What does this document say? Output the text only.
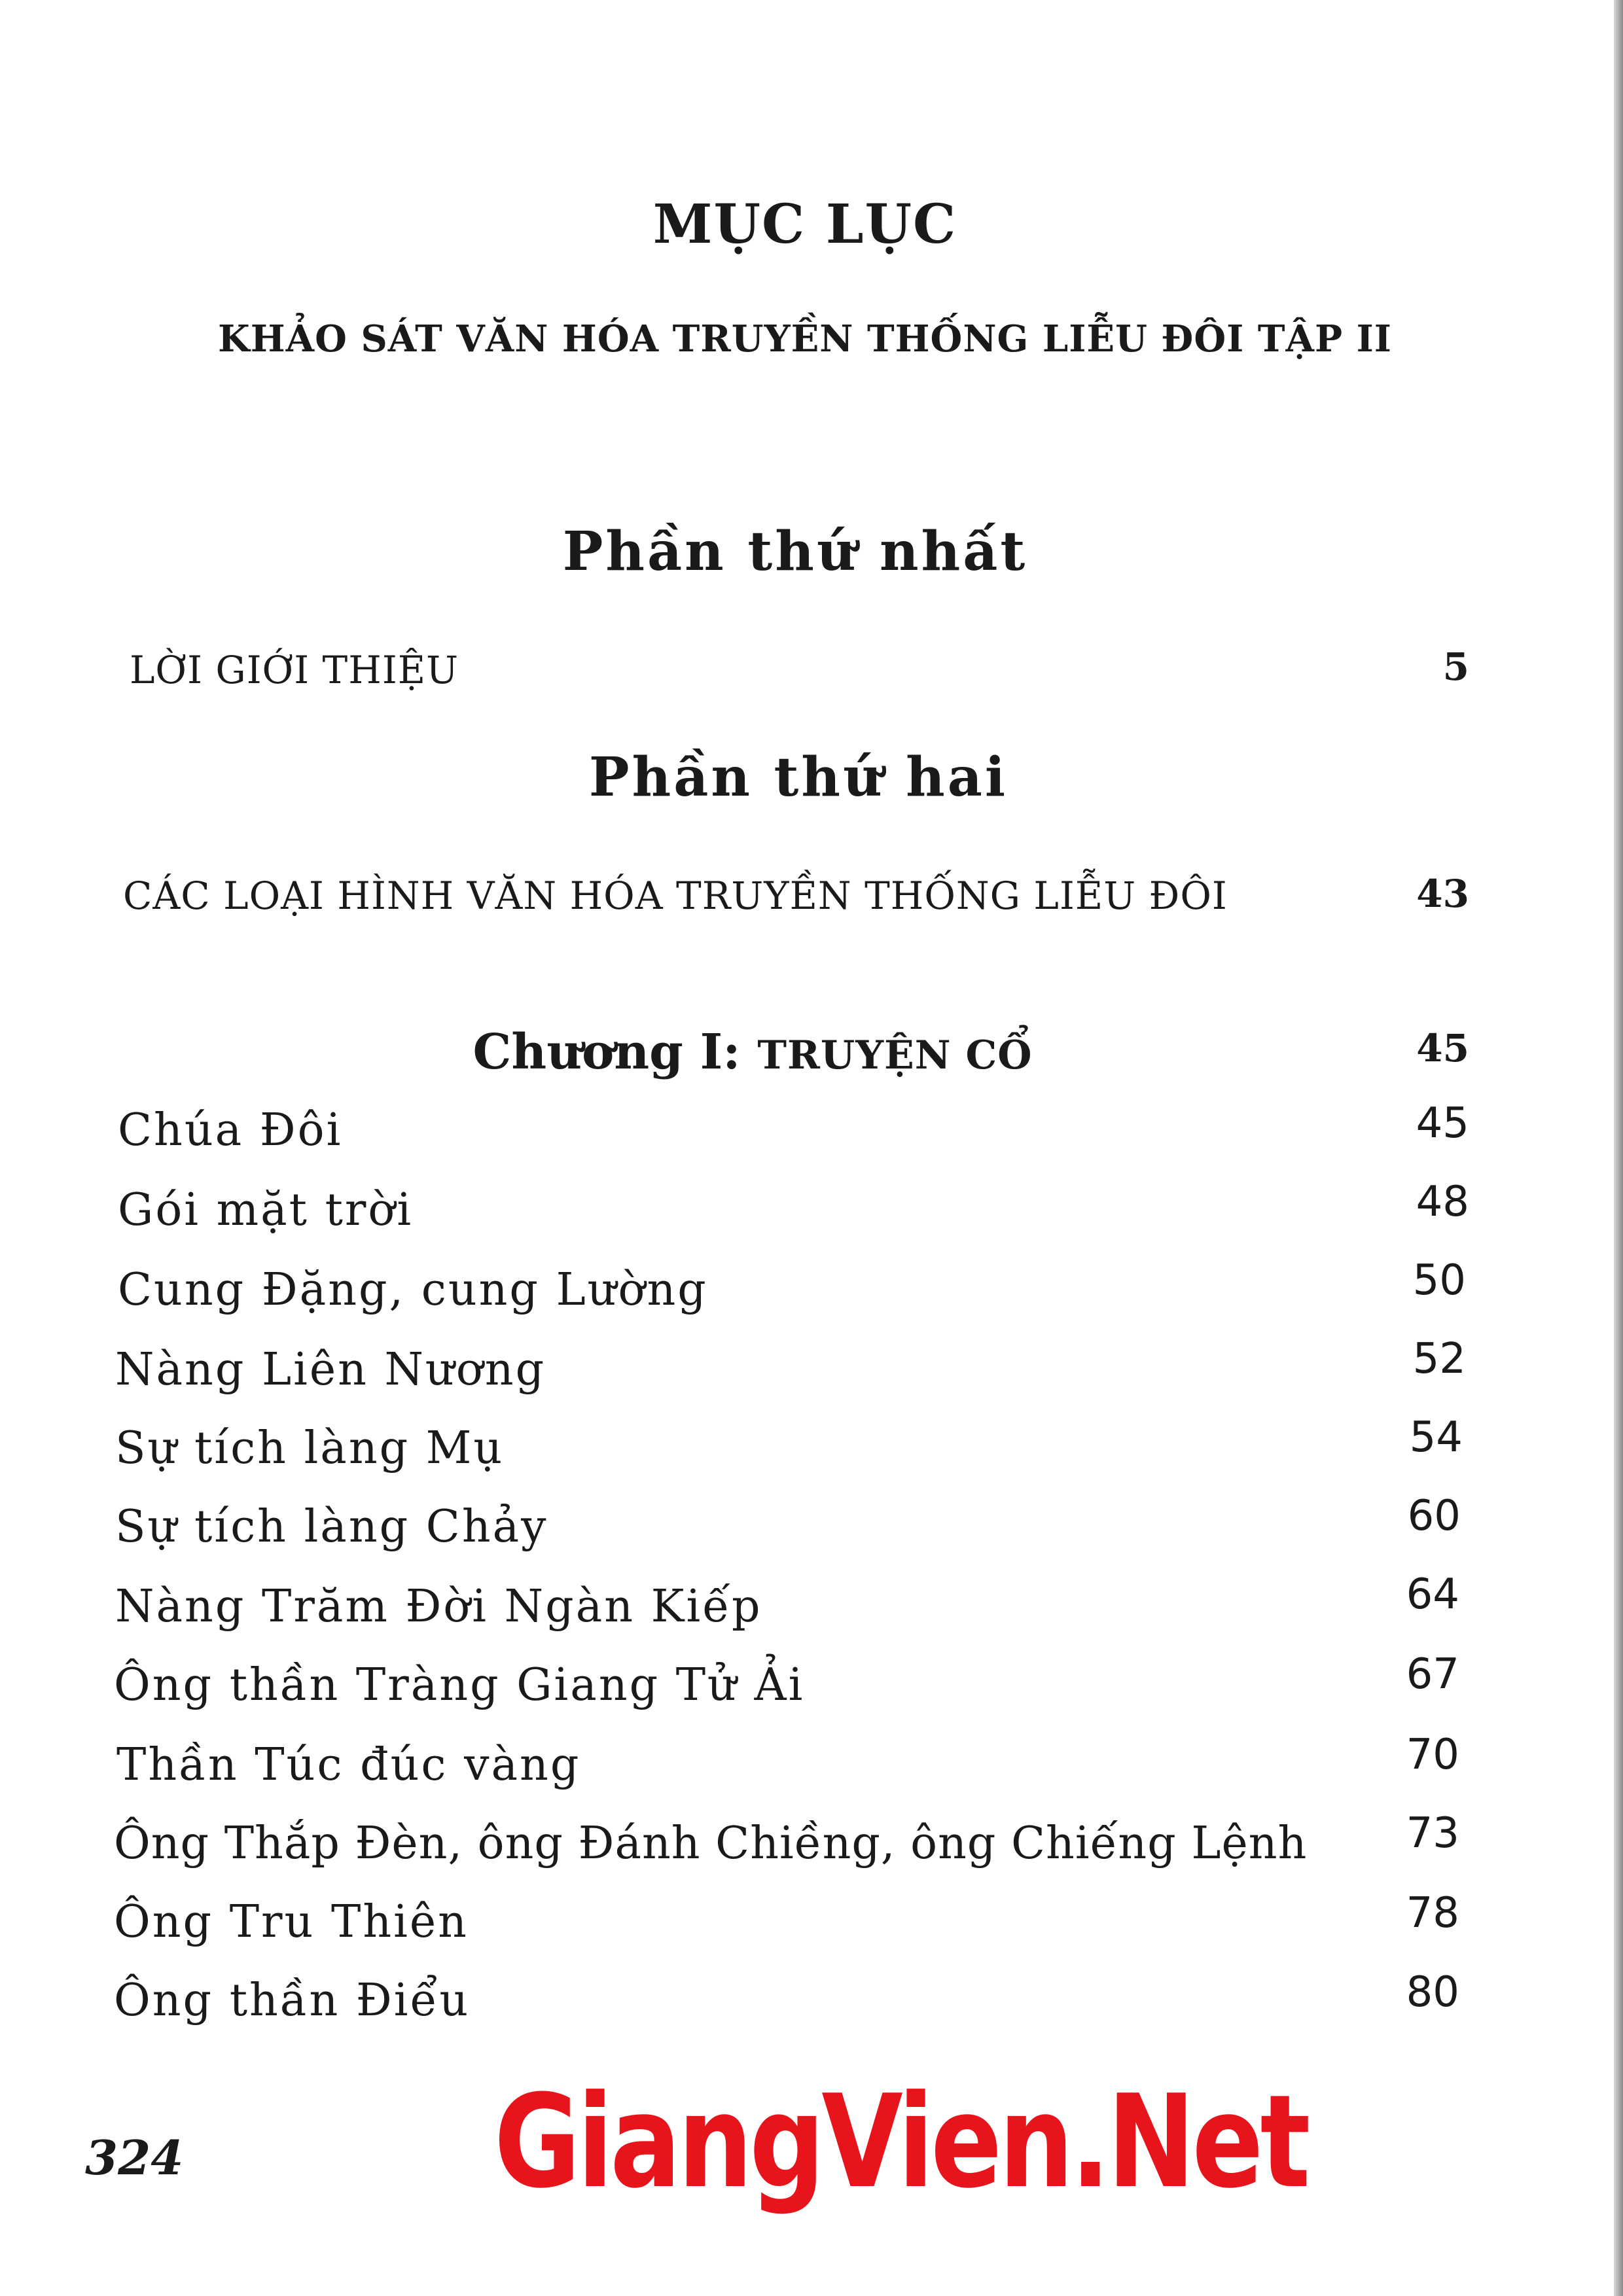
MỤC LỤC
KHẢO SÁT VĂN HÓA TRUYỀN THỐNG LIỄU ĐÔI TẬP II
Phần thứ nhất
LỜI GIỚI THIỆU	5
Phần thứ hai
CÁC LOẠI HÌNH VĂN HÓA TRUYỀN THỐNG LIỄU ĐÔI	43
Chương I: TRUYỆN CỔ	45
Chúa Đôi	45
Gói mặt trời	48
Cung Đặng, cung Lường	50
Nàng Liên Nương	52
Sự tích làng Mụ	54
Sự tích làng Chảy	60
Nàng Trăm Đời Ngàn Kiếp	64
Ông thần Tràng Giang Tử Ải	67
Thần Túc đúc vàng	70
Ông Thắp Đèn, ông Đánh Chiềng, ông Chiếng Lệnh	73
Ông Tru Thiên	78
Ông thần Điểu	80
324 GiangVien.Net
